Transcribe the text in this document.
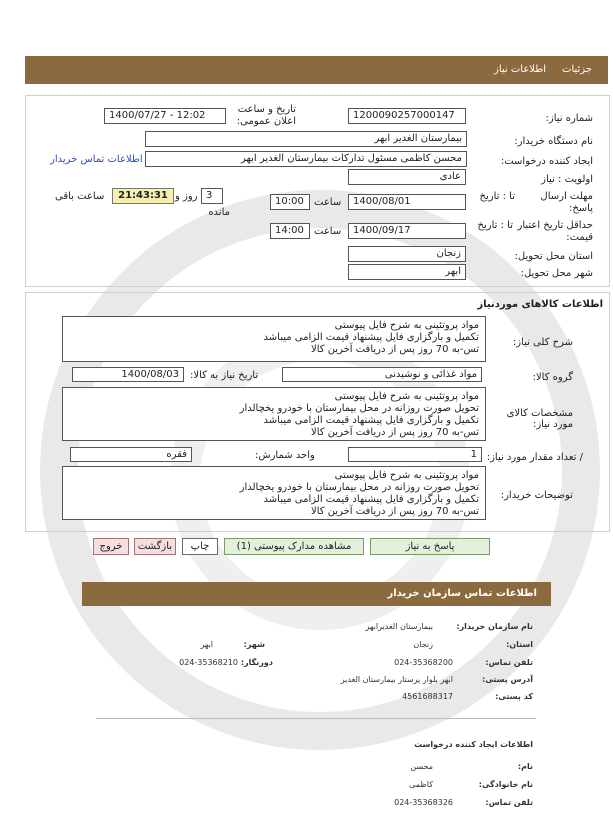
جزئیات
اطلاعات نیاز
شماره نیاز:
1200090257000147
تاریخ و ساعت اعلان عمومی:
1400/07/27 - 12:02
نام دستگاه خریدار:
بیمارستان الغدیر ابهر
ایجاد کننده درخواست:
محسن کاظمی مسئول تدارکات بیمارستان الغدیر ابهر
اطلاعات تماس خریدار
اولویت : نیاز
عادی
مهلت ارسال پاسخ:
تا : تاریخ
1400/08/01
ساعت
10:00
3
روز و
21:43:31
مانده
ساعت باقی
حداقل تاریخ اعتبار قیمت:
تا : تاریخ
1400/09/17
ساعت
14:00
استان محل تحویل:
زنجان
شهر محل تحویل:
ابهر
اطلاعات کالاهای موردنیاز
شرح کلی نیاز:
مواد پروتئینی به شرح فایل پیوستی
تکمیل و بارگزاری فایل پیشنهاد قیمت الزامی میباشد
تس-به 70 روز پس از دریافت آخرین کالا
گروه کالا:
مواد غذائی و نوشیدنی
تاریخ نیاز به کالا:
1400/08/03
مشخصات کالای مورد نیاز:
مواد پروتئینی به شرح فایل پیوستی
تحویل صورت روزانه در محل بیمارستان با خودرو یخچالدار
تکمیل و بارگزاری فایل پیشنهاد قیمت الزامی میباشد
تس-به 70 روز پس از دریافت آخرین کالا
/ تعداد مقدار مورد نیاز:
1
واحد شمارش:
فقره
توضیحات خریدار:
مواد پروتئینی به شرح فایل پیوستی
تحویل صورت روزانه در محل بیمارستان با خودرو یخچالدار
تکمیل و بارگزاری فایل پیشنهاد قیمت الزامی میباشد
تس-به 70 روز پس از دریافت آخرین کالا
پاسخ به نیاز
مشاهده مدارک پیوستی (1)
چاپ
بازگشت
خروج
اطلاعات تماس سازمان خریدار
نام سازمان خریدار:
بیمارستان الغدیرابهر
استان:
زنجان
شهر:
ابهر
تلفن تماس:
024-35368200
دورنگار:
024-35368210
آدرس پستی:
ابهر بلوار پرستار بیمارستان الغدیر
کد پستی:
4561688317
اطلاعات ایجاد کننده درخواست
نام:
محسن
نام خانوادگی:
کاظمی
تلفن تماس:
024-35368326
